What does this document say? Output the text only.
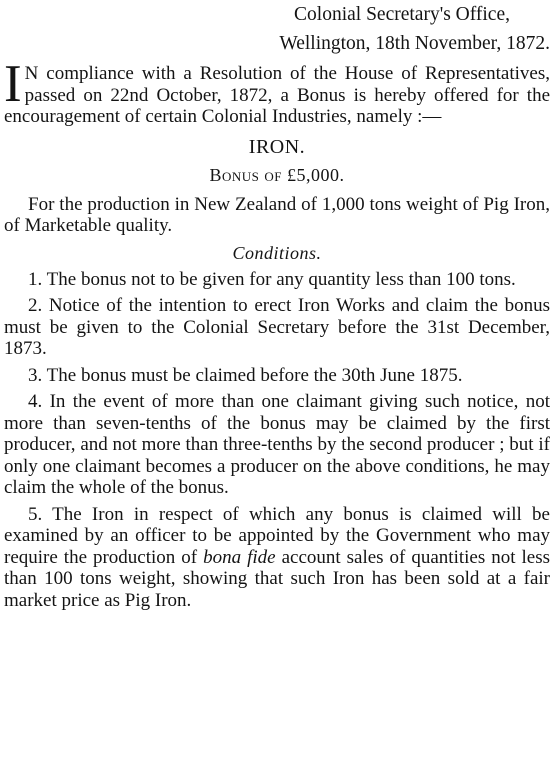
Colonial Secretary's Office,
Wellington, 18th November, 1872.
I N compliance with a Resolution of the House of Representatives, passed on 22nd October, 1872, a Bonus is hereby offered for the encouragement of certain Colonial Industries, namely :—
IRON.
Bonus of £5,000.
For the production in New Zealand of 1,000 tons weight of Pig Iron, of Marketable quality.
Conditions.
1. The bonus not to be given for any quantity less than 100 tons.
2. Notice of the intention to erect Iron Works and claim the bonus must be given to the Colonial Secretary before the 31st December, 1873.
3. The bonus must be claimed before the 30th June 1875.
4. In the event of more than one claimant giving such notice, not more than seven-tenths of the bonus may be claimed by the first producer, and not more than three-tenths by the second producer ; but if only one claimant becomes a producer on the above conditions, he may claim the whole of the bonus.
5. The Iron in respect of which any bonus is claimed will be examined by an officer to be appointed by the Government who may require the production of bona fide account sales of quantities not less than 100 tons weight, showing that such Iron has been sold at a fair market price as Pig Iron.
